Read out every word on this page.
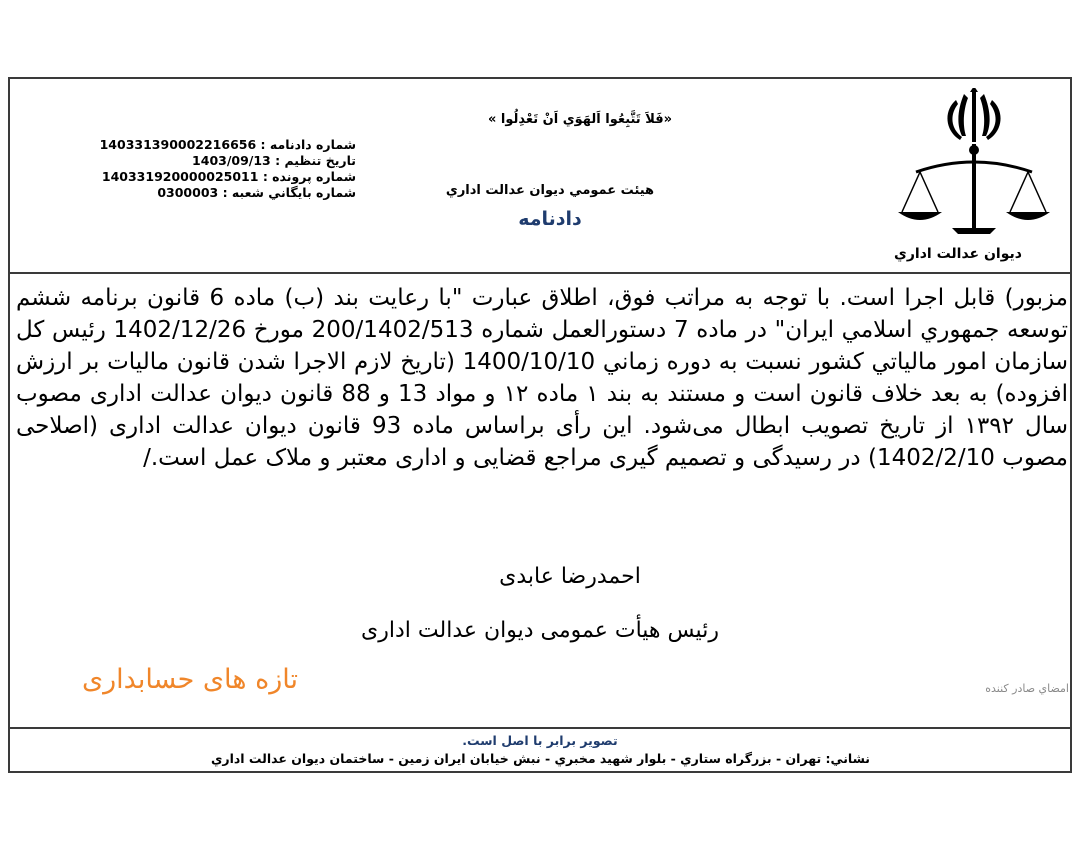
«فَلاَ تَتَّبِعُوا اَلهَوَي اَنْ تَعْدِلُوا »
هيئت عمومي ديوان عدالت اداري
دادنامه
شماره دادنامه : 140331390002216656
تاريخ تنظيم : 1403/09/13
شماره پرونده : 140331920000025011
شماره بايگاني شعبه : 0300003
ديوان عدالت اداري

مزبور) قابل اجرا است. با توجه به مراتب فوق، اطلاق عبارت "با رعایت بند (ب) ماده 6 قانون برنامه ششم توسعه جمهوري اسلامي ايران" در ماده 7 دستورالعمل شماره 200/1402/513 مورخ 1402/12/26 رئيس كل سازمان امور مالياتي كشور نسبت به دوره زماني 1400/10/10 (تاريخ لازم الاجرا شدن قانون ماليات بر ارزش افزوده) به بعد خلاف قانون است و مستند به بند ۱ ماده ۱۲ و مواد 13 و 88 قانون ديوان عدالت اداری مصوب سال ۱۳۹۲ از تاريخ تصويب ابطال می‌شود. اين رأی براساس ماده 93 قانون ديوان عدالت اداری (اصلاحی مصوب 1402/2/10) در رسيدگی و تصميم گيری مراجع قضايی و اداری معتبر و ملاک عمل است./

احمدرضا عابدی
رئيس هيأت عمومی ديوان عدالت اداری
تازه های حسابداری	امضاي صادر كننده
تصوير برابر با اصل است.
نشاني: تهران - بزرگراه ستاري - بلوار شهيد مخبري - نبش خيابان ايران زمين - ساختمان ديوان عدالت اداري
